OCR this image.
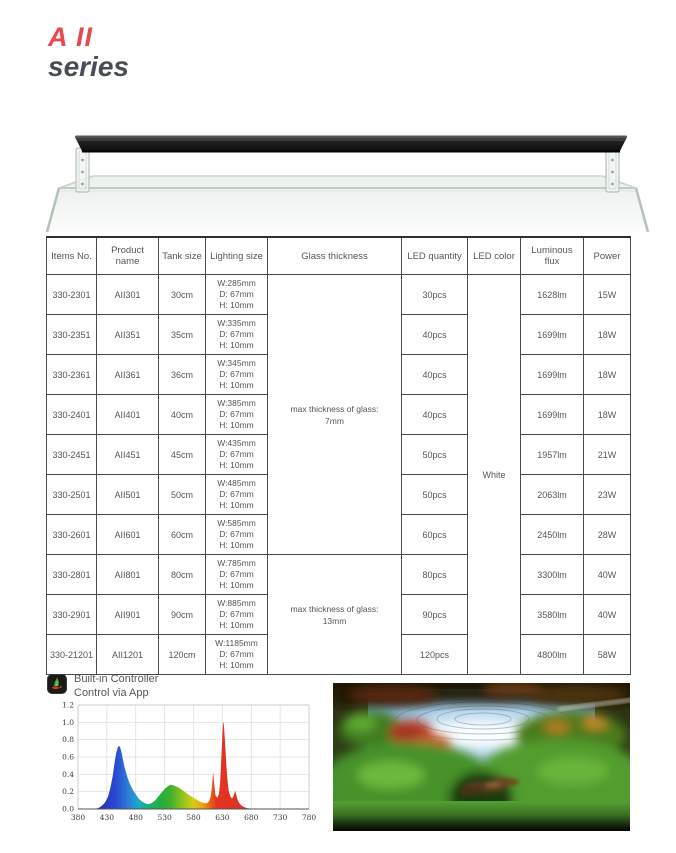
A II
series
Items No.	Product name	Tank size	Lighting size	Glass thickness	LED quantity	LED color	Luminous flux	Power
330-2301	AII301	30cm	W:285mm
D: 67mm
H: 10mm	max thickness of glass:
7mm	30pcs	White	1628lm	15W
330-2351	AII351	35cm	W:335mm
D: 67mm
H: 10mm		40pcs		1699lm	18W
330-2361	AII361	36cm	W:345mm
D: 67mm
H: 10mm		40pcs		1699lm	18W
330-2401	AII401	40cm	W:385mm
D: 67mm
H: 10mm		40pcs		1699lm	18W
330-2451	AII451	45cm	W:435mm
D: 67mm
H: 10mm		50pcs		1957lm	21W
330-2501	AII501	50cm	W:485mm
D: 67mm
H: 10mm		50pcs		2063lm	23W
330-2601	AII601	60cm	W:585mm
D: 67mm
H: 10mm		60pcs		2450lm	28W
330-2801	AII801	80cm	W:785mm
D: 67mm
H: 10mm	max thickness of glass:
13mm	80pcs		3300lm	40W
330-2901	AII901	90cm	W:885mm
D: 67mm
H: 10mm		90pcs		3580lm	40W
330-21201	AII1201	120cm	W:1185mm
D: 67mm
H: 10mm		120pcs		4800lm	58W
Built-in Controller
Control via App
0.0
0.2
0.4
0.6
0.8
1.0
1.2
380 430 480 530 580 630 680 730 780
